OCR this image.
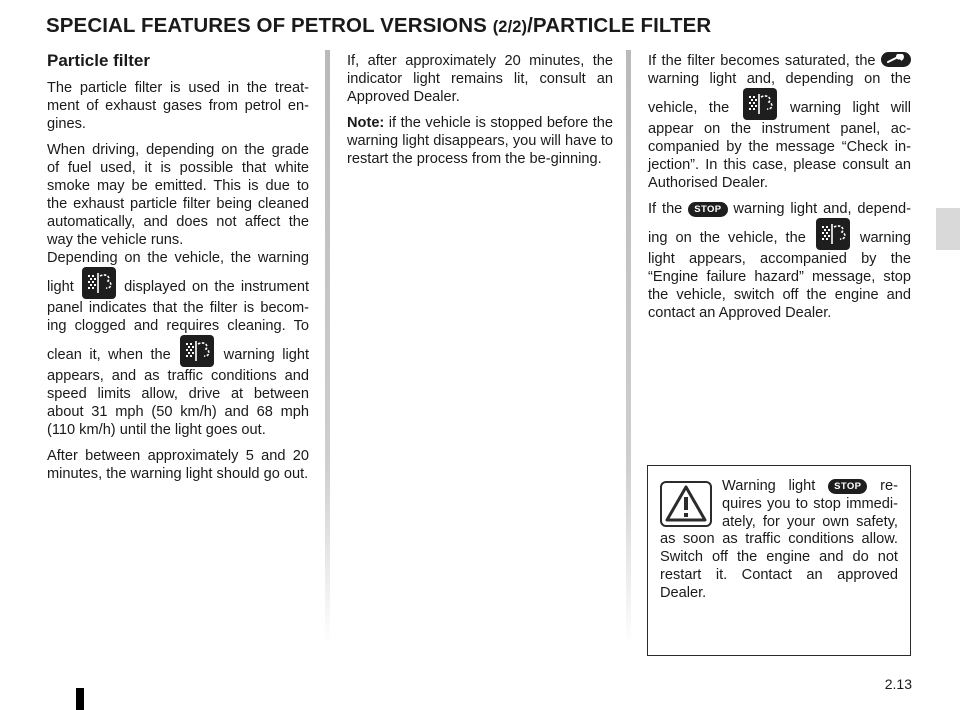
SPECIAL FEATURES OF PETROL VERSIONS (2/2)/PARTICLE FILTER
Particle filter

The particle filter is used in the treat-ment of exhaust gases from petrol en-gines.

When driving, depending on the grade of fuel used, it is possible that white smoke may be emitted. This is due to the exhaust particle filter being cleaned automatically, and does not affect the way the vehicle runs.

Depending on the vehicle, the warning light	displayed on the instrument panel indicates that the filter is becom-ing clogged and requires cleaning. To clean it, when the	warning light appears, and as traffic conditions and speed limits allow, drive at between about 31 mph (50 km/h) and 68 mph (110 km/h) until the light goes out.

After between approximately 5 and 20 minutes, the warning light should go out.

If, after approximately 20 minutes, the indicator light remains lit, consult an Approved Dealer.

Note: if the vehicle is stopped before the warning light disappears, you will have to restart the process from the be-ginning.

If the filter becomes saturated, the
warning light and, depending on the vehicle, the	warning light will appear on the instrument panel, ac-companied by the message “Check in-jection”. In this case, please consult an Authorised Dealer.

If the STOP warning light and, depend-ing on the vehicle, the	warning light appears, accompanied by the “Engine failure hazard” message, stop the vehicle, switch off the engine and contact an Approved Dealer.

Warning light STOP re-quires you to stop immedi-ately, for your own safety, as soon as traffic conditions allow. Switch off the engine and do not restart it. Contact an approved Dealer.
2.13
